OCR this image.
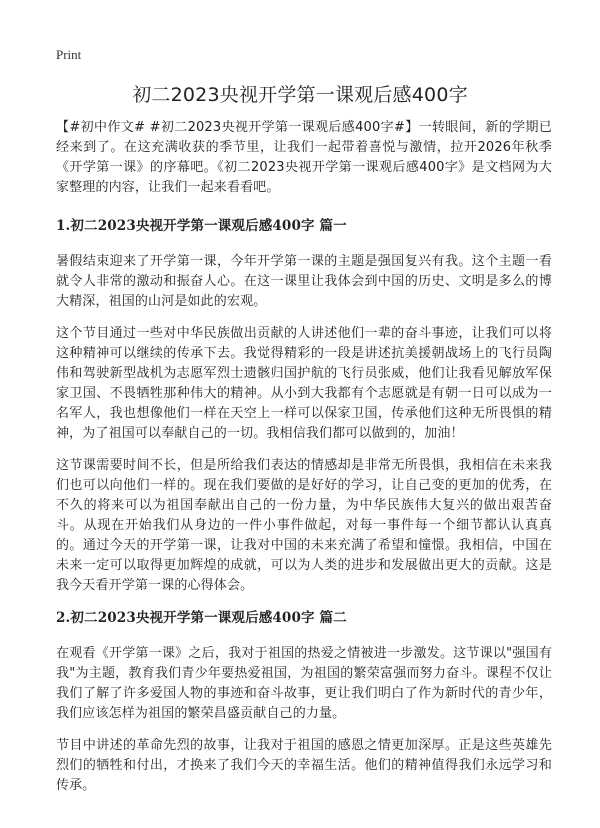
Print
初二2023央视开学第一课观后感400字

【#初中作文# #初二2023央视开学第一课观后感400字#】一转眼间，新的学期已经来到了。在这充满收获的季节里，让我们一起带着喜悦与激情，拉开2026年秋季《开学第一课》的序幕吧。《初二2023央视开学第一课观后感400字》是文档网为大家整理的内容，让我们一起来看看吧。

1.初二2023央视开学第一课观后感400字 篇一

暑假结束迎来了开学第一课，今年开学第一课的主题是强国复兴有我。这个主题一看就令人非常的激动和振奋人心。在这一课里让我体会到中国的历史、文明是多么的博大精深，祖国的山河是如此的宏观。

这个节目通过一些对中华民族做出贡献的人讲述他们一辈的奋斗事迹，让我们可以将这种精神可以继续的传承下去。我觉得精彩的一段是讲述抗美援朝战场上的飞行员陶伟和驾驶新型战机为志愿军烈士遗骸归国护航的飞行员张威，他们让我看见解放军保家卫国、不畏牺牲那种伟大的精神。从小到大我都有个志愿就是有朝一日可以成为一名军人，我也想像他们一样在天空上一样可以保家卫国，传承他们这种无所畏惧的精神，为了祖国可以奉献自己的一切。我相信我们都可以做到的，加油！

这节课需要时间不长，但是所给我们表达的情感却是非常无所畏惧，我相信在未来我们也可以向他们一样的。现在我们要做的是好好的学习，让自己变的更加的优秀，在不久的将来可以为祖国奉献出自己的一份力量，为中华民族伟大复兴的做出艰苦奋斗。从现在开始我们从身边的一件小事件做起，对每一事件每一个细节都认认真真的。通过今天的开学第一课，让我对中国的未来充满了希望和憧憬。我相信，中国在未来一定可以取得更加辉煌的成就，可以为人类的进步和发展做出更大的贡献。这是我今天看开学第一课的心得体会。

2.初二2023央视开学第一课观后感400字 篇二

在观看《开学第一课》之后，我对于祖国的热爱之情被进一步激发。这节课以"强国有我"为主题，教育我们青少年要热爱祖国，为祖国的繁荣富强而努力奋斗。课程不仅让我们了解了许多爱国人物的事迹和奋斗故事，更让我们明白了作为新时代的青少年，我们应该怎样为祖国的繁荣昌盛贡献自己的力量。

节目中讲述的革命先烈的故事，让我对于祖国的感恩之情更加深厚。正是这些英雄先烈们的牺牲和付出，才换来了我们今天的幸福生活。他们的精神值得我们永远学习和传承。
